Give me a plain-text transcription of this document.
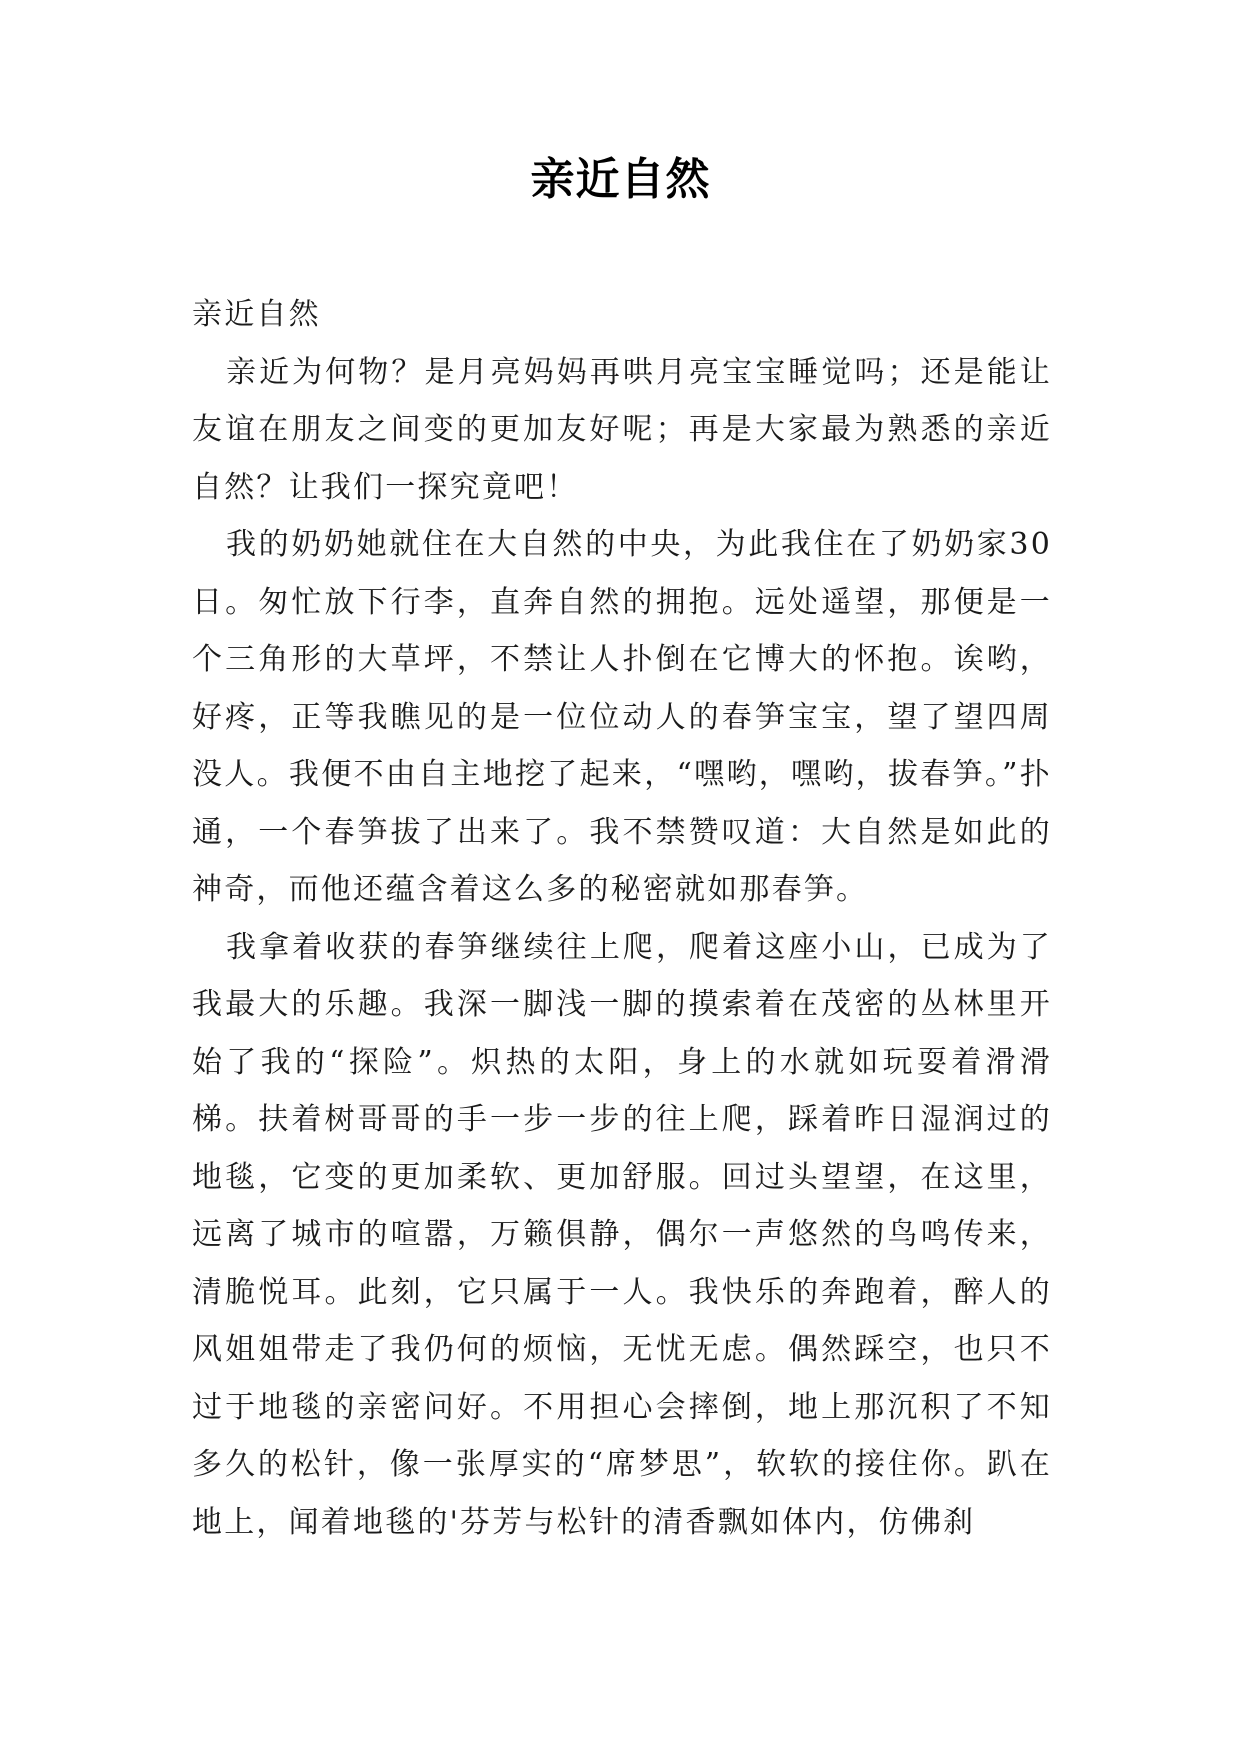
亲近自然

亲近自然

亲近为何物？是月亮妈妈再哄月亮宝宝睡觉吗；还是能让友谊在朋友之间变的更加友好呢；再是大家最为熟悉的亲近自然？让我们一探究竟吧！

我的奶奶她就住在大自然的中央，为此我住在了奶奶家30日。匆忙放下行李，直奔自然的拥抱。远处遥望，那便是一个三角形的大草坪，不禁让人扑倒在它博大的怀抱。诶哟，好疼，正等我瞧见的是一位位动人的春笋宝宝，望了望四周没人。我便不由自主地挖了起来，“嘿哟，嘿哟，拔春笋。”扑通，一个春笋拔了出来了。我不禁赞叹道：大自然是如此的神奇，而他还蕴含着这么多的秘密就如那春笋。

我拿着收获的春笋继续往上爬，爬着这座小山，已成为了我最大的乐趣。我深一脚浅一脚的摸索着在茂密的丛林里开始了我的“探险”。炽热的太阳，身上的水就如玩耍着滑滑梯。扶着树哥哥的手一步一步的往上爬，踩着昨日湿润过的地毯，它变的更加柔软、更加舒服。回过头望望，在这里，远离了城市的喧嚣，万籁俱静，偶尔一声悠然的鸟鸣传来，清脆悦耳。此刻，它只属于一人。我快乐的奔跑着，醉人的风姐姐带走了我仍何的烦恼，无忧无虑。偶然踩空，也只不过于地毯的亲密问好。不用担心会摔倒，地上那沉积了不知多久的松针，像一张厚实的“席梦思”，软软的接住你。趴在地上，闻着地毯的'芬芳与松针的清香飘如体内，仿佛刹
